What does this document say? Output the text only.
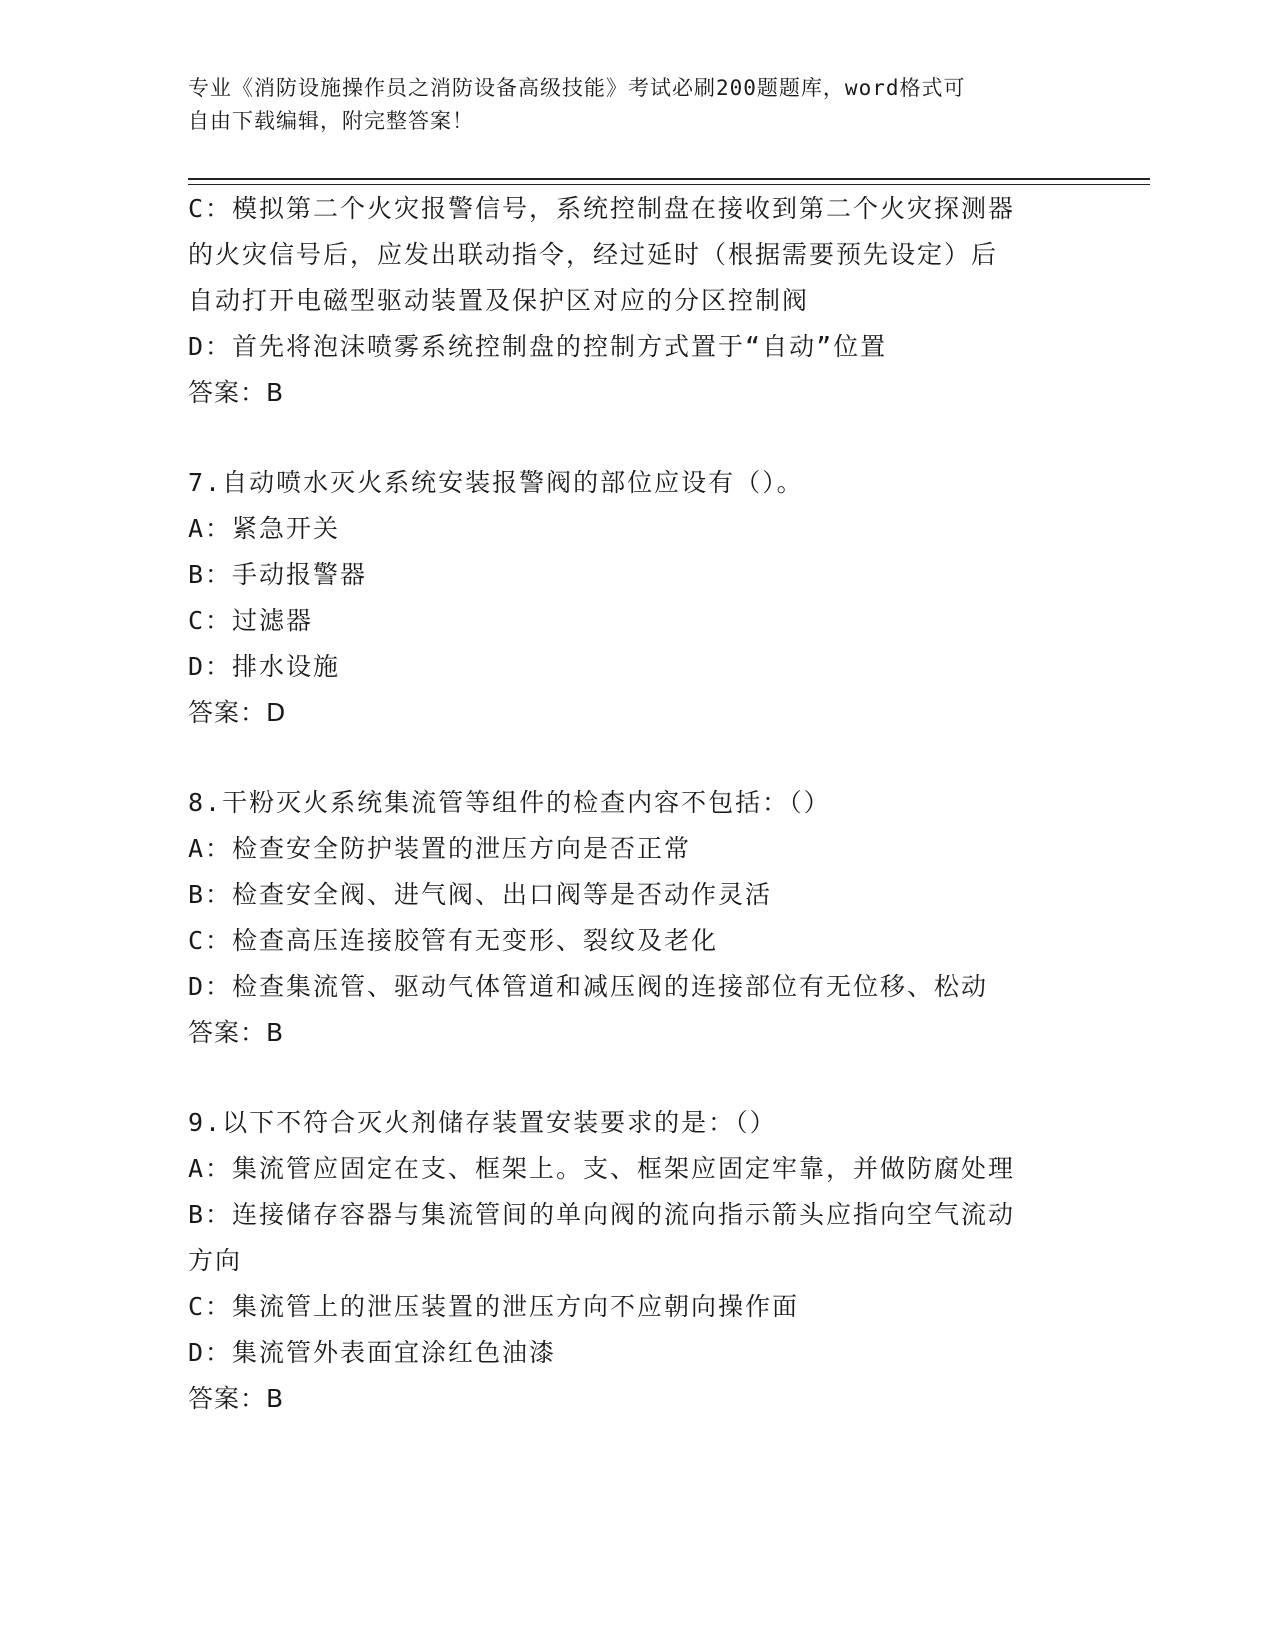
专业《消防设施操作员之消防设备高级技能》考试必刷200题题库，word格式可
自由下载编辑，附完整答案！
C：模拟第二个火灾报警信号，系统控制盘在接收到第二个火灾探测器
的火灾信号后，应发出联动指令，经过延时（根据需要预先设定）后
自动打开电磁型驱动装置及保护区对应的分区控制阀
D：首先将泡沫喷雾系统控制盘的控制方式置于“自动”位置
答案：B
7.自动喷水灭火系统安装报警阀的部位应设有（）。
A：紧急开关
B：手动报警器
C：过滤器
D：排水设施
答案：D
8.干粉灭火系统集流管等组件的检查内容不包括：（）
A：检查安全防护装置的泄压方向是否正常
B：检查安全阀、进气阀、出口阀等是否动作灵活
C：检查高压连接胶管有无变形、裂纹及老化
D：检查集流管、驱动气体管道和减压阀的连接部位有无位移、松动
答案：B
9.以下不符合灭火剂储存装置安装要求的是：（）
A：集流管应固定在支、框架上。支、框架应固定牢靠，并做防腐处理
B：连接储存容器与集流管间的单向阀的流向指示箭头应指向空气流动
方向
C：集流管上的泄压装置的泄压方向不应朝向操作面
D：集流管外表面宜涂红色油漆
答案：B
